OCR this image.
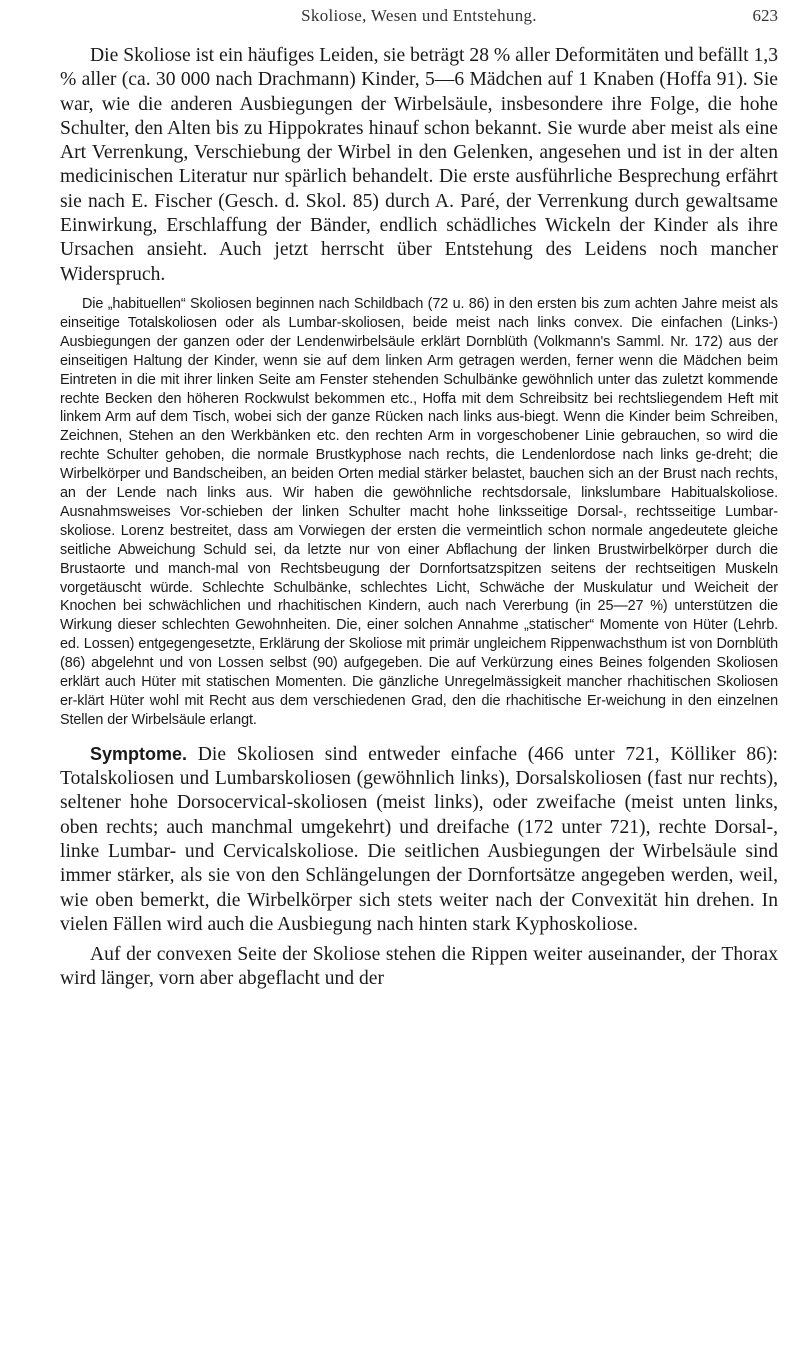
Skoliose, Wesen und Entstehung.	623

Die Skoliose ist ein häufiges Leiden, sie beträgt 28 % aller Deformitäten und befällt 1,3 % aller (ca. 30 000 nach Drachmann) Kinder, 5—6 Mädchen auf 1 Knaben (Hoffa 91). Sie war, wie die anderen Ausbiegungen der Wirbelsäule, insbesondere ihre Folge, die hohe Schulter, den Alten bis zu Hippokrates hinauf schon bekannt. Sie wurde aber meist als eine Art Verrenkung, Verschiebung der Wirbel in den Gelenken, angesehen und ist in der alten medicinischen Literatur nur spärlich behandelt. Die erste ausführliche Besprechung erfährt sie nach E. Fischer (Gesch. d. Skol. 85) durch A. Paré, der Verrenkung durch gewaltsame Einwirkung, Erschlaffung der Bänder, endlich schädliches Wickeln der Kinder als ihre Ursachen ansieht. Auch jetzt herrscht über Entstehung des Leidens noch mancher Widerspruch.

Die „habituellen“ Skoliosen beginnen nach Schildbach (72 u. 86) in den ersten bis zum achten Jahre meist als einseitige Totalskoliosen oder als Lumbar-skoliosen, beide meist nach links convex. Die einfachen (Links-) Ausbiegungen der ganzen oder der Lendenwirbelsäule erklärt Dornblüth (Volkmann's Samml. Nr. 172) aus der einseitigen Haltung der Kinder, wenn sie auf dem linken Arm getragen werden, ferner wenn die Mädchen beim Eintreten in die mit ihrer linken Seite am Fenster stehenden Schulbänke gewöhnlich unter das zuletzt kommende rechte Becken den höheren Rockwulst bekommen etc., Hoffa mit dem Schreibsitz bei rechtsliegendem Heft mit linkem Arm auf dem Tisch, wobei sich der ganze Rücken nach links aus-biegt. Wenn die Kinder beim Schreiben, Zeichnen, Stehen an den Werkbänken etc. den rechten Arm in vorgeschobener Linie gebrauchen, so wird die rechte Schulter gehoben, die normale Brustkyphose nach rechts, die Lendenlordose nach links ge-dreht; die Wirbelkörper und Bandscheiben, an beiden Orten medial stärker belastet, bauchen sich an der Brust nach rechts, an der Lende nach links aus. Wir haben die gewöhnliche rechtsdorsale, linkslumbare Habitualskoliose. Ausnahmsweises Vor-schieben der linken Schulter macht hohe linksseitige Dorsal-, rechtsseitige Lumbar-skoliose. Lorenz bestreitet, dass am Vorwiegen der ersten die vermeintlich schon normale angedeutete gleiche seitliche Abweichung Schuld sei, da letzte nur von einer Abflachung der linken Brustwirbelkörper durch die Brustaorte und manch-mal von Rechtsbeugung der Dornfortsatzspitzen seitens der rechtseitigen Muskeln vorgetäuscht würde. Schlechte Schulbänke, schlechtes Licht, Schwäche der Muskulatur und Weicheit der Knochen bei schwächlichen und rhachitischen Kindern, auch nach Vererbung (in 25—27 %) unterstützen die Wirkung dieser schlechten Gewohnheiten. Die, einer solchen Annahme „statischer“ Momente von Hüter (Lehrb. ed. Lossen) entgegengesetzte, Erklärung der Skoliose mit primär ungleichem Rippenwachsthum ist von Dornblüth (86) abgelehnt und von Lossen selbst (90) aufgegeben. Die auf Verkürzung eines Beines folgenden Skoliosen erklärt auch Hüter mit statischen Momenten. Die gänzliche Unregelmässigkeit mancher rhachitischen Skoliosen er-klärt Hüter wohl mit Recht aus dem verschiedenen Grad, den die rhachitische Er-weichung in den einzelnen Stellen der Wirbelsäule erlangt.

Symptome. Die Skoliosen sind entweder einfache (466 unter 721, Kölliker 86): Totalskoliosen und Lumbarskoliosen (gewöhnlich links), Dorsalskoliosen (fast nur rechts), seltener hohe Dorsocervical-skoliosen (meist links), oder zweifache (meist unten links, oben rechts; auch manchmal umgekehrt) und dreifache (172 unter 721), rechte Dorsal-, linke Lumbar- und Cervicalskoliose. Die seitlichen Ausbiegungen der Wirbelsäule sind immer stärker, als sie von den Schlängelungen der Dornfortsätze angegeben werden, weil, wie oben bemerkt, die Wirbelkörper sich stets weiter nach der Convexität hin drehen. In vielen Fällen wird auch die Ausbiegung nach hinten stark Kyphoskoliose.

Auf der convexen Seite der Skoliose stehen die Rippen weiter auseinander, der Thorax wird länger, vorn aber abgeflacht und der
